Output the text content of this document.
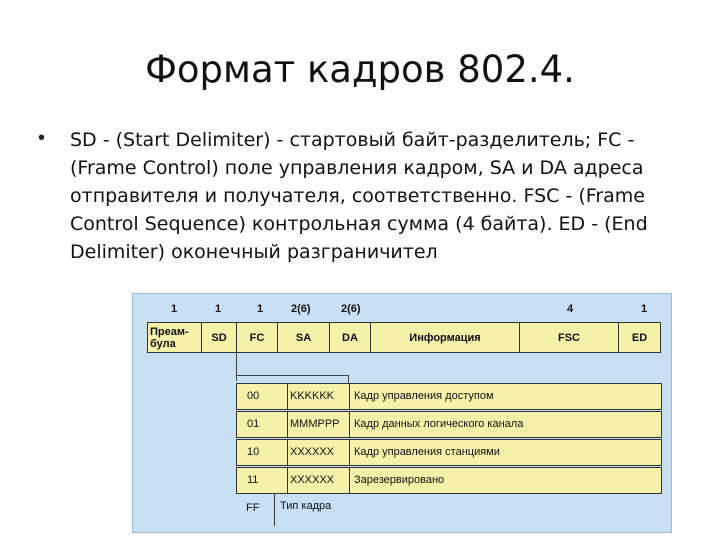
Формат кадров 802.4.
• SD - (Start Delimiter) - стартовый байт-разделитель; FC - (Frame Control) поле управления кадром, SA и DA адреса отправителя и получателя, соответственно. FSC - (Frame Control Sequence) контрольная сумма (4 байта). ED - (End Delimiter) оконечный разграничител
1	1	1	2(6)	2(6)	4	1
Преам-
була	SD	FC	SA	DA	Информация	FSC	ED
00	KKKKKK Кадр управления доступом
01	MMMPPP Кадр данных логического канала
10	XXXXXX Кадр управления станциями
11	XXXXXX Зарезервировано
FF Тип кадра
